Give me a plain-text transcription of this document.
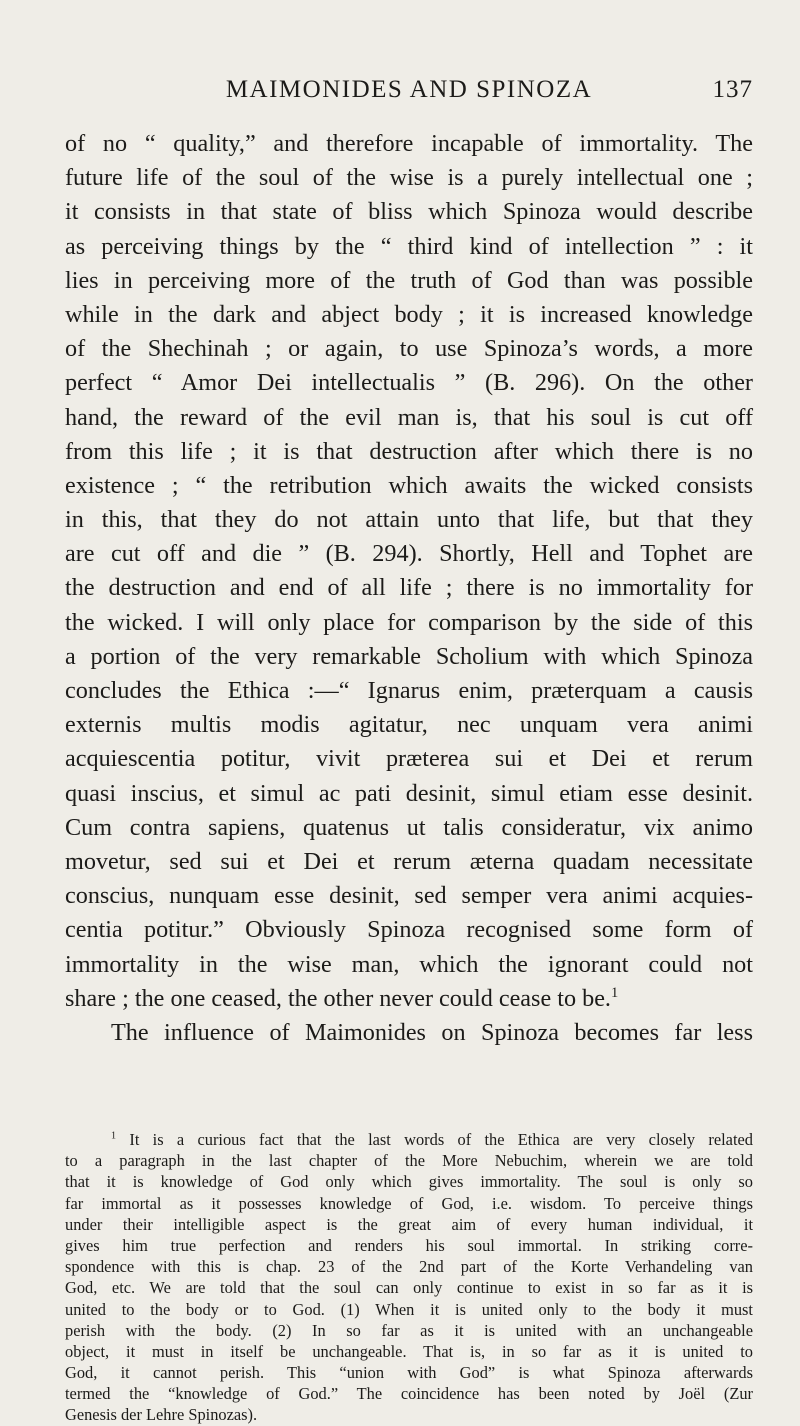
MAIMONIDES AND SPINOZA	137
of no “ quality,” and therefore incapable of immortality. The
future life of the soul of the wise is a purely intellectual one ;
it consists in that state of bliss which Spinoza would describe
as perceiving things by the “ third kind of intellection ” : it
lies in perceiving more of the truth of God than was possible
while in the dark and abject body ; it is increased knowledge
of the Shechinah ; or again, to use Spinoza’s words, a more
perfect “ Amor Dei intellectualis ” (B. 296). On the other
hand, the reward of the evil man is, that his soul is cut off
from this life ; it is that destruction after which there is no
existence ; “ the retribution which awaits the wicked consists
in this, that they do not attain unto that life, but that they
are cut off and die ” (B. 294). Shortly, Hell and Tophet are
the destruction and end of all life ; there is no immortality for
the wicked. I will only place for comparison by the side of this
a portion of the very remarkable Scholium with which Spinoza
concludes the Ethica :—“ Ignarus enim, præterquam a causis
externis multis modis agitatur, nec unquam vera animi
acquiescentia potitur, vivit præterea sui et Dei et rerum
quasi inscius, et simul ac pati desinit, simul etiam esse desinit.
Cum contra sapiens, quatenus ut talis consideratur, vix animo
movetur, sed sui et Dei et rerum æterna quadam necessitate
conscius, nunquam esse desinit, sed semper vera animi acquies-
centia potitur.” Obviously Spinoza recognised some form of
immortality in the wise man, which the ignorant could not
share ; the one ceased, the other never could cease to be.$^1$
The influence of Maimonides on Spinoza becomes far less
$^1$ It is a curious fact that the last words of the Ethica are very closely related
to a paragraph in the last chapter of the More Nebuchim, wherein we are told
that it is knowledge of God only which gives immortality. The soul is only so
far immortal as it possesses knowledge of God, i.e. wisdom. To perceive things
under their intelligible aspect is the great aim of every human individual, it
gives him true perfection and renders his soul immortal. In striking corre-
spondence with this is chap. 23 of the 2nd part of the Korte Verhandeling van
God, etc. We are told that the soul can only continue to exist in so far as it is
united to the body or to God. (1) When it is united only to the body it must
perish with the body. (2) In so far as it is united with an unchangeable
object, it must in itself be unchangeable. That is, in so far as it is united to
God, it cannot perish. This “union with God” is what Spinoza afterwards
termed the “knowledge of God.” The coincidence has been noted by Joël (Zur
Genesis der Lehre Spinozas).
